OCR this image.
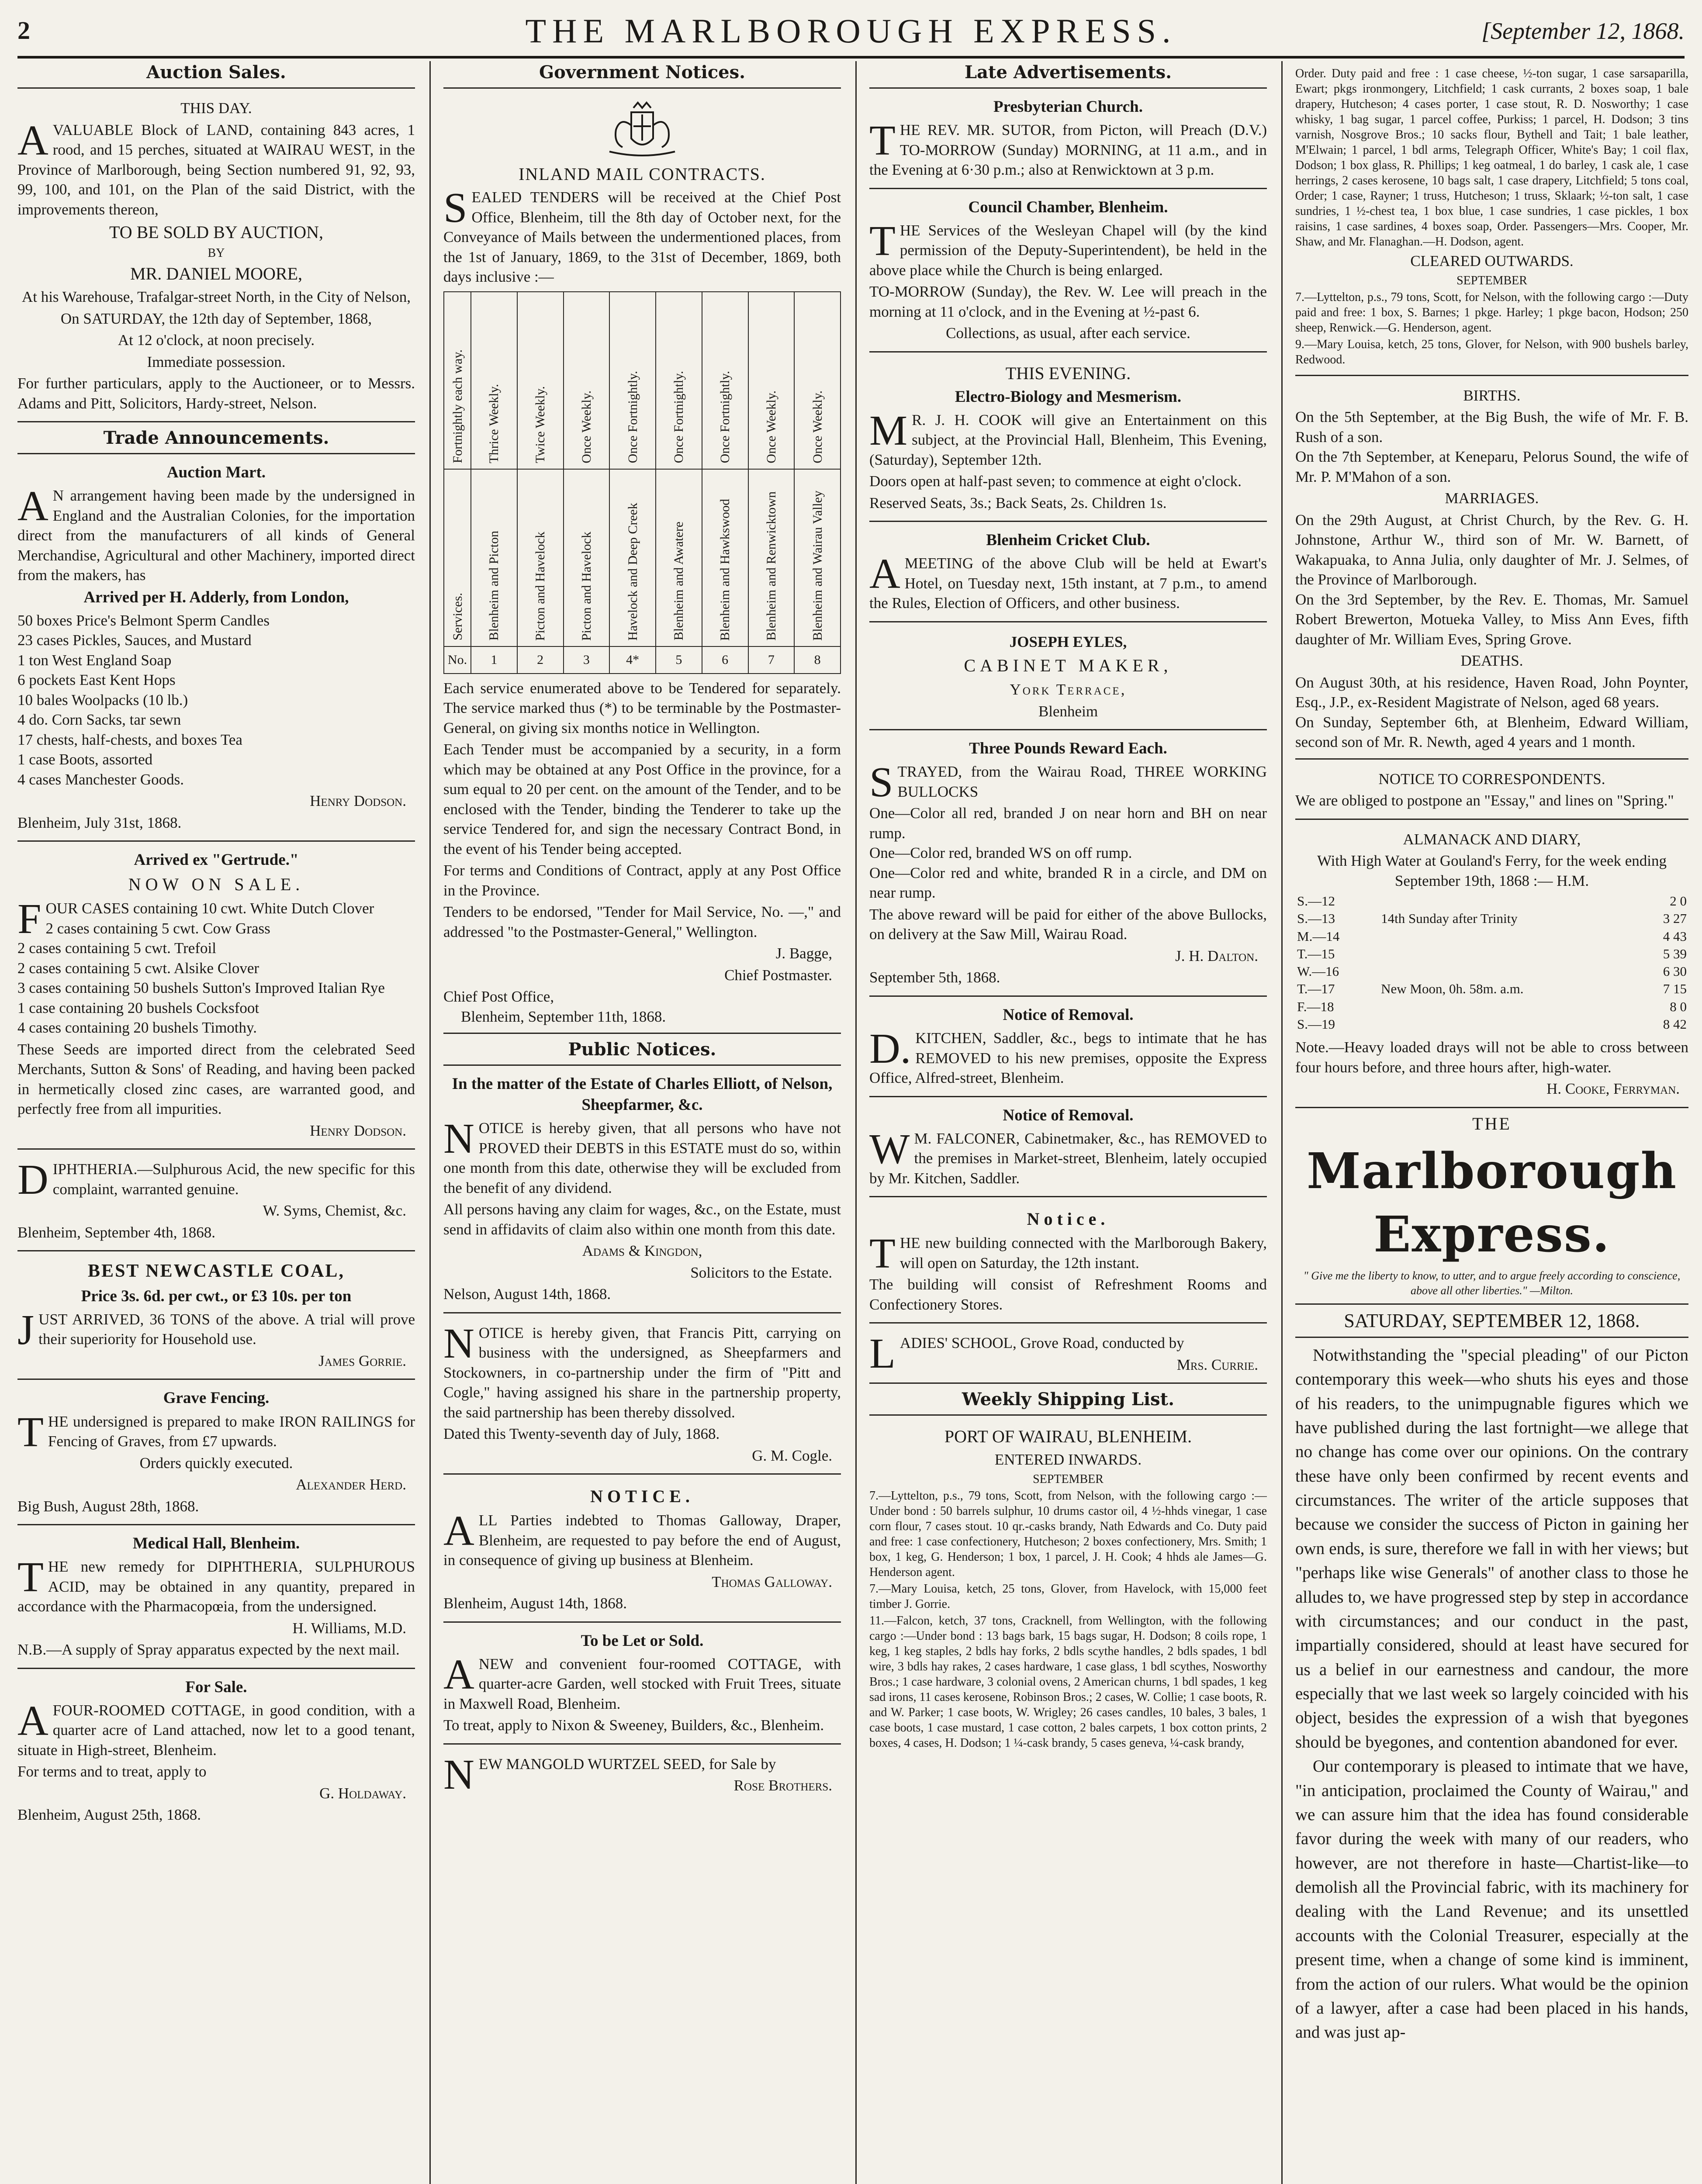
2	THE MARLBOROUGH EXPRESS.	[September 12, 1868.
Auction Sales.
THIS DAY.

AVALUABLE Block of LAND, containing 843 acres, 1 rood, and 15 perches, situated at WAIRAU WEST, in the Province of Marlborough, being Section numbered 91, 92, 93, 99, 100, and 101, on the Plan of the said District, with the improvements thereon,

TO BE SOLD BY AUCTION,
BY
MR. DANIEL MOORE,
At his Warehouse, Trafalgar-street North, in the City of Nelson,
On SATURDAY, the 12th day of September, 1868,
At 12 o'clock, at noon precisely.
Immediate possession.

For further particulars, apply to the Auctioneer, or to Messrs. Adams and Pitt, Solicitors, Hardy-street, Nelson.

Trade Announcements.
Auction Mart.

AN arrangement having been made by the undersigned in England and the Australian Colonies, for the importation direct from the manufacturers of all kinds of General Merchandise, Agricultural and other Machinery, imported direct from the makers, has

Arrived per H. Adderly, from London,

50 boxes Price's Belmont Sperm Candles

23 cases Pickles, Sauces, and Mustard

1 ton West England Soap

6 pockets East Kent Hops

10 bales Woolpacks (10 lb.)

4 do. Corn Sacks, tar sewn

17 chests, half-chests, and boxes Tea

1 case Boots, assorted

4 cases Manchester Goods.

Henry Dodson.

Blenheim, July 31st, 1868.

Arrived ex "Gertrude."
NOW ON SALE.

FOUR CASES containing 10 cwt. White Dutch Clover

2 cases containing 5 cwt. Cow Grass

2 cases containing 5 cwt. Trefoil

2 cases containing 5 cwt. Alsike Clover

3 cases containing 50 bushels Sutton's Improved Italian Rye

1 case containing 20 bushels Cocksfoot

4 cases containing 20 bushels Timothy.

These Seeds are imported direct from the celebrated Seed Merchants, Sutton & Sons' of Reading, and having been packed in hermetically closed zinc cases, are warranted good, and perfectly free from all impurities.

Henry Dodson.

DIPHTHERIA.—Sulphurous Acid, the new specific for this complaint, warranted genuine.

W. Syms, Chemist, &c.

Blenheim, September 4th, 1868.

BEST NEWCASTLE COAL,
Price 3s. 6d. per cwt., or £3 10s. per ton

JUST ARRIVED, 36 TONS of the above. A trial will prove their superiority for Household use.

James Gorrie.
Grave Fencing.

THE undersigned is prepared to make IRON RAILINGS for Fencing of Graves, from £7 upwards.

Orders quickly executed.
Alexander Herd.

Big Bush, August 28th, 1868.

Medical Hall, Blenheim.

THE new remedy for DIPHTHERIA, SULPHUROUS ACID, may be obtained in any quantity, prepared in accordance with the Pharmacopœia, from the undersigned.

H. Williams, M.D.

N.B.—A supply of Spray apparatus expected by the next mail.

For Sale.

AFOUR-ROOMED COTTAGE, in good condition, with a quarter acre of Land attached, now let to a good tenant, situate in High-street, Blenheim.

For terms and to treat, apply to

G. Holdaway.

Blenheim, August 25th, 1868.

Government Notices.
INLAND MAIL CONTRACTS.

SEALED TENDERS will be received at the Chief Post Office, Blenheim, till the 8th day of October next, for the Conveyance of Mails between the undermentioned places, from the 1st of January, 1869, to the 31st of December, 1869, both days inclusive :—

Fortnightly each way.	Thrice Weekly.	Twice Weekly.	Once Weekly.	Once Fortnightly.	Once Fortnightly.	Once Fortnightly.	Once Weekly.	Once Weekly.
Services.	Blenheim and Picton	Picton and Havelock	Picton and Havelock	Havelock and Deep Creek	Blenheim and Awatere	Blenheim and Hawkswood	Blenheim and Renwicktown	Blenheim and Wairau Valley
No.	1	2	3	4*	5	6	7	8

Each service enumerated above to be Tendered for separately. The service marked thus (*) to be terminable by the Postmaster-General, on giving six months notice in Wellington.

Each Tender must be accompanied by a security, in a form which may be obtained at any Post Office in the province, for a sum equal to 20 per cent. on the amount of the Tender, and to be enclosed with the Tender, binding the Tenderer to take up the service Tendered for, and sign the necessary Contract Bond, in the event of his Tender being accepted.

For terms and Conditions of Contract, apply at any Post Office in the Province.

Tenders to be endorsed, "Tender for Mail Service, No. —," and addressed "to the Postmaster-General," Wellington.

J. Bagge,
Chief Postmaster.

Chief Post Office,

Blenheim, September 11th, 1868.

Public Notices.
In the matter of the Estate of Charles Elliott, of Nelson, Sheepfarmer, &c.

NOTICE is hereby given, that all persons who have not PROVED their DEBTS in this ESTATE must do so, within one month from this date, otherwise they will be excluded from the benefit of any dividend.

All persons having any claim for wages, &c., on the Estate, must send in affidavits of claim also within one month from this date.

Adams & Kingdon,
Solicitors to the Estate.

Nelson, August 14th, 1868.

NOTICE is hereby given, that Francis Pitt, carrying on business with the undersigned, as Sheepfarmers and Stockowners, in co-partnership under the firm of "Pitt and Cogle," having assigned his share in the partnership property, the said partnership has been thereby dissolved.

Dated this Twenty-seventh day of July, 1868.

G. M. Cogle.
NOTICE.

ALL Parties indebted to Thomas Galloway, Draper, Blenheim, are requested to pay before the end of August, in consequence of giving up business at Blenheim.

Thomas Galloway.

Blenheim, August 14th, 1868.

To be Let or Sold.

ANEW and convenient four-roomed COTTAGE, with quarter-acre Garden, well stocked with Fruit Trees, situate in Maxwell Road, Blenheim.

To treat, apply to Nixon & Sweeney, Builders, &c., Blenheim.

NEW MANGOLD WURTZEL SEED, for Sale by

Rose Brothers.
Late Advertisements.
Presbyterian Church.

THE REV. MR. SUTOR, from Picton, will Preach (D.V.) TO-MORROW (Sunday) MORNING, at 11 a.m., and in the Evening at 6·30 p.m.; also at Renwicktown at 3 p.m.

Council Chamber, Blenheim.

THE Services of the Wesleyan Chapel will (by the kind permission of the Deputy-Superintendent), be held in the above place while the Church is being enlarged.

TO-MORROW (Sunday), the Rev. W. Lee will preach in the morning at 11 o'clock, and in the Evening at ½-past 6.

Collections, as usual, after each service.

THIS EVENING.
Electro-Biology and Mesmerism.

MR. J. H. COOK will give an Entertainment on this subject, at the Provincial Hall, Blenheim, This Evening, (Saturday), September 12th.

Doors open at half-past seven; to commence at eight o'clock.

Reserved Seats, 3s.; Back Seats, 2s. Children 1s.

Blenheim Cricket Club.

AMEETING of the above Club will be held at Ewart's Hotel, on Tuesday next, 15th instant, at 7 p.m., to amend the Rules, Election of Officers, and other business.

JOSEPH EYLES,
CABINET MAKER,
York Terrace,
Blenheim
Three Pounds Reward Each.

STRAYED, from the Wairau Road, THREE WORKING BULLOCKS

One—Color all red, branded J on near horn and BH on near rump.

One—Color red, branded WS on off rump.

One—Color red and white, branded R in a circle, and DM on near rump.

The above reward will be paid for either of the above Bullocks, on delivery at the Saw Mill, Wairau Road.

J. H. Dalton.

September 5th, 1868.

Notice of Removal.

D.KITCHEN, Saddler, &c., begs to intimate that he has REMOVED to his new premises, opposite the Express Office, Alfred-street, Blenheim.

Notice of Removal.

WM. FALCONER, Cabinetmaker, &c., has REMOVED to the premises in Market-street, Blenheim, lately occupied by Mr. Kitchen, Saddler.

Notice.

THE new building connected with the Marlborough Bakery, will open on Saturday, the 12th instant.

The building will consist of Refreshment Rooms and Confectionery Stores.

LADIES' SCHOOL, Grove Road, conducted by

Mrs. Currie.
Weekly Shipping List.
PORT OF WAIRAU, BLENHEIM.
ENTERED INWARDS.
SEPTEMBER

7.—Lyttelton, p.s., 79 tons, Scott, from Nelson, with the following cargo :—Under bond : 50 barrels sulphur, 10 drums castor oil, 4 ½-hhds vinegar, 1 case corn flour, 7 cases stout. 10 qr.-casks brandy, Nath Edwards and Co. Duty paid and free: 1 case confectionery, Hutcheson; 2 boxes confectionery, Mrs. Smith; 1 box, 1 keg, G. Henderson; 1 box, 1 parcel, J. H. Cook; 4 hhds ale James—G. Henderson agent.

7.—Mary Louisa, ketch, 25 tons, Glover, from Havelock, with 15,000 feet timber J. Gorrie.

11.—Falcon, ketch, 37 tons, Cracknell, from Wellington, with the following cargo :—Under bond : 13 bags bark, 15 bags sugar, H. Dodson; 8 coils rope, 1 keg, 1 keg staples, 2 bdls hay forks, 2 bdls scythe handles, 2 bdls spades, 1 bdl wire, 3 bdls hay rakes, 2 cases hardware, 1 case glass, 1 bdl scythes, Nosworthy Bros.; 1 case hardware, 3 colonial ovens, 2 American churns, 1 bdl spades, 1 keg sad irons, 11 cases kerosene, Robinson Bros.; 2 cases, W. Collie; 1 case boots, R. and W. Parker; 1 case boots, W. Wrigley; 26 cases candles, 10 bales, 3 bales, 1 case boots, 1 case mustard, 1 case cotton, 2 bales carpets, 1 box cotton prints, 2 boxes, 4 cases, H. Dodson; 1 ¼-cask brandy, 5 cases geneva, ¼-cask brandy,

Order. Duty paid and free : 1 case cheese, ½-ton sugar, 1 case sarsaparilla, Ewart; pkgs ironmongery, Litchfield; 1 cask currants, 2 boxes soap, 1 bale drapery, Hutcheson; 4 cases porter, 1 case stout, R. D. Nosworthy; 1 case whisky, 1 bag sugar, 1 parcel coffee, Purkiss; 1 parcel, H. Dodson; 3 tins varnish, Nosgrove Bros.; 10 sacks flour, Bythell and Tait; 1 bale leather, M'Elwain; 1 parcel, 1 bdl arms, Telegraph Officer, White's Bay; 1 coil flax, Dodson; 1 box glass, R. Phillips; 1 keg oatmeal, 1 do barley, 1 cask ale, 1 case herrings, 2 cases kerosene, 10 bags salt, 1 case drapery, Litchfield; 5 tons coal, Order; 1 case, Rayner; 1 truss, Hutcheson; 1 truss, Sklaark; ½-ton salt, 1 case sundries, 1 ½-chest tea, 1 box blue, 1 case sundries, 1 case pickles, 1 box raisins, 1 case sardines, 4 boxes soap, Order. Passengers—Mrs. Cooper, Mr. Shaw, and Mr. Flanaghan.—H. Dodson, agent.

CLEARED OUTWARDS.
SEPTEMBER

7.—Lyttelton, p.s., 79 tons, Scott, for Nelson, with the following cargo :—Duty paid and free: 1 box, S. Barnes; 1 pkge. Harley; 1 pkge bacon, Hodson; 250 sheep, Renwick.—G. Henderson, agent.

9.—Mary Louisa, ketch, 25 tons, Glover, for Nelson, with 900 bushels barley, Redwood.

BIRTHS.

On the 5th September, at the Big Bush, the wife of Mr. F. B. Rush of a son.

On the 7th September, at Keneparu, Pelorus Sound, the wife of Mr. P. M'Mahon of a son.

MARRIAGES.

On the 29th August, at Christ Church, by the Rev. G. H. Johnstone, Arthur W., third son of Mr. W. Barnett, of Wakapuaka, to Anna Julia, only daughter of Mr. J. Selmes, of the Province of Marlborough.

On the 3rd September, by the Rev. E. Thomas, Mr. Samuel Robert Brewerton, Motueka Valley, to Miss Ann Eves, fifth daughter of Mr. William Eves, Spring Grove.

DEATHS.

On August 30th, at his residence, Haven Road, John Poynter, Esq., J.P., ex-Resident Magistrate of Nelson, aged 68 years.

On Sunday, September 6th, at Blenheim, Edward William, second son of Mr. R. Newth, aged 4 years and 1 month.

NOTICE TO CORRESPONDENTS.

We are obliged to postpone an "Essay," and lines on "Spring."

ALMANACK AND DIARY,

With High Water at Gouland's Ferry, for the week ending September 19th, 1868 :— H.M.

S.—12		2 0
S.—13	14th Sunday after Trinity	3 27
M.—14		4 43
T.—15		5 39
W.—16		6 30
T.—17	New Moon, 0h. 58m. a.m.	7 15
F.—18		8 0
S.—19		8 42

Note.—Heavy loaded drays will not be able to cross between four hours before, and three hours after, high-water.

H. Cooke, Ferryman.
THE
Marlborough Express.
" Give me the liberty to know, to utter, and to argue freely according to conscience, above all other liberties." —Milton.
SATURDAY, SEPTEMBER 12, 1868.

Notwithstanding the "special pleading" of our Picton contemporary this week—who shuts his eyes and those of his readers, to the unimpugnable figures which we have published during the last fortnight—we allege that no change has come over our opinions. On the contrary these have only been confirmed by recent events and circumstances. The writer of the article supposes that because we consider the success of Picton in gaining her own ends, is sure, therefore we fall in with her views; but "perhaps like wise Generals" of another class to those he alludes to, we have progressed step by step in accordance with circumstances; and our conduct in the past, impartially considered, should at least have secured for us a belief in our earnestness and candour, the more especially that we last week so largely coincided with his object, besides the expression of a wish that byegones should be byegones, and contention abandoned for ever.

Our contemporary is pleased to intimate that we have, "in anticipation, proclaimed the County of Wairau," and we can assure him that the idea has found considerable favor during the week with many of our readers, who however, are not therefore in haste—Chartist-like—to demolish all the Provincial fabric, with its machinery for dealing with the Land Revenue; and its unsettled accounts with the Colonial Treasurer, especially at the present time, when a change of some kind is imminent, from the action of our rulers. What would be the opinion of a lawyer, after a case had been placed in his hands, and was just ap-
